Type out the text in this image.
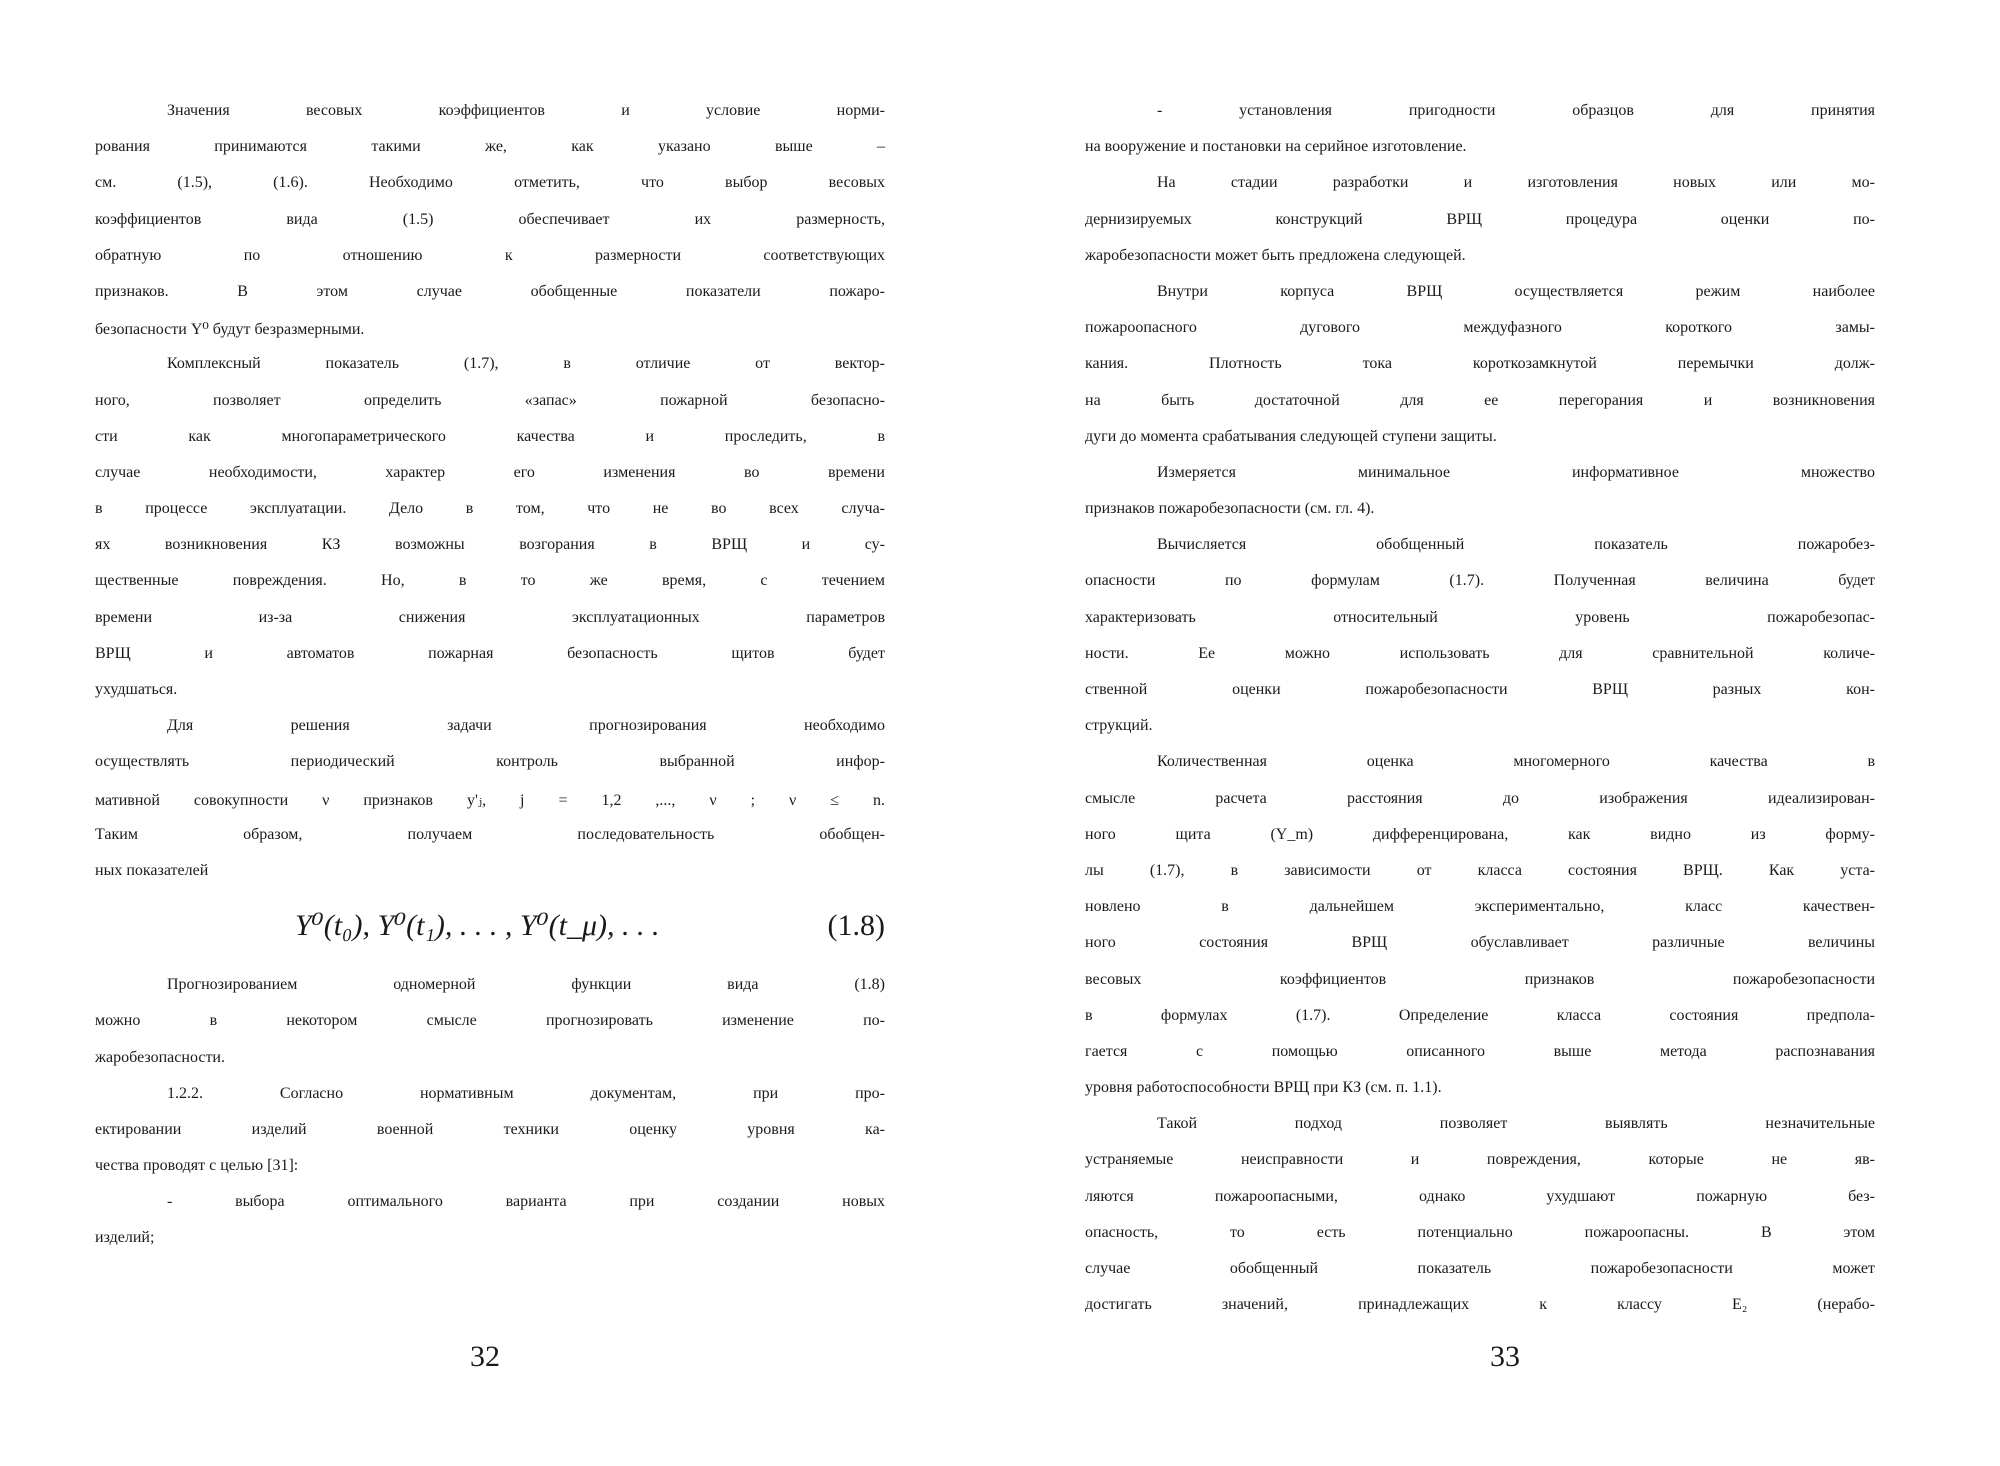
Значения весовых коэффициентов и условие норми-
рования принимаются такими же, как указано выше –
см. (1.5), (1.6). Необходимо отметить, что выбор весовых
коэффициентов вида (1.5) обеспечивает их размерность,
обратную по отношению к размерности соответствующих
признаков. В этом случае обобщенные показатели пожаро-
безопасности Y⁰ будут безразмерными.
Комплексный показатель (1.7), в отличие от вектор-
ного, позволяет определить «запас» пожарной безопасно-
сти как многопараметрического качества и проследить, в
случае необходимости, характер его изменения во времени
в процессе эксплуатации. Дело в том, что не во всех случа-
ях возникновения КЗ возможны возгорания в ВРЩ и су-
щественные повреждения. Но, в то же время, с течением
времени из-за снижения эксплуатационных параметров
ВРЩ и автоматов пожарная безопасность щитов будет
ухудшаться.
Для решения задачи прогнозирования необходимо
осуществлять периодический контроль выбранной инфор-
мативной совокупности ν признаков y'ⱼ, j = 1,2 ,..., ν ; ν ≤ n.
Таким образом, получаем последовательность обобщен-
ных показателей
Y⁰(t₀), Y⁰(t₁), . . . , Y⁰(t_μ), . . .	(1.8)
Прогнозированием одномерной функции вида (1.8)
можно в некотором смысле прогнозировать изменение по-
жаробезопасности.
1.2.2. Согласно нормативным документам, при про-
ектировании изделий военной техники оценку уровня ка-
чества проводят с целью [31]:
- выбора оптимального варианта при создании новых
изделий;
- установления пригодности образцов для принятия
на вооружение и постановки на серийное изготовление.
На стадии разработки и изготовления новых или мо-
дернизируемых конструкций ВРЩ процедура оценки по-
жаробезопасности может быть предложена следующей.
Внутри корпуса ВРЩ осуществляется режим наиболее
пожароопасного дугового междуфазного короткого замы-
кания. Плотность тока короткозамкнутой перемычки долж-
на быть достаточной для ее перегорания и возникновения
дуги до момента срабатывания следующей ступени защиты.
Измеряется минимальное информативное множество
признаков пожаробезопасности (см. гл. 4).
Вычисляется обобщенный показатель пожаробез-
опасности по формулам (1.7). Полученная величина будет
характеризовать относительный уровень пожаробезопас-
ности. Ее можно использовать для сравнительной количе-
ственной оценки пожаробезопасности ВРЩ разных кон-
струкций.
Количественная оценка многомерного качества в
смысле расчета расстояния до изображения идеализирован-
ного щита (Y_m) дифференцирована, как видно из форму-
лы (1.7), в зависимости от класса состояния ВРЩ. Как уста-
новлено в дальнейшем экспериментально, класс качествен-
ного состояния ВРЩ обуславливает различные величины
весовых коэффициентов признаков пожаробезопасности
в формулах (1.7). Определение класса состояния предпола-
гается с помощью описанного выше метода распознавания
уровня работоспособности ВРЩ при КЗ (см. п. 1.1).
Такой подход позволяет выявлять незначительные
устраняемые неисправности и повреждения, которые не яв-
ляются пожароопасными, однако ухудшают пожарную без-
опасность, то есть потенциально пожароопасны. В этом
случае обобщенный показатель пожаробезопасности может
достигать значений, принадлежащих к классу E₂ (нерабо-
32	33
